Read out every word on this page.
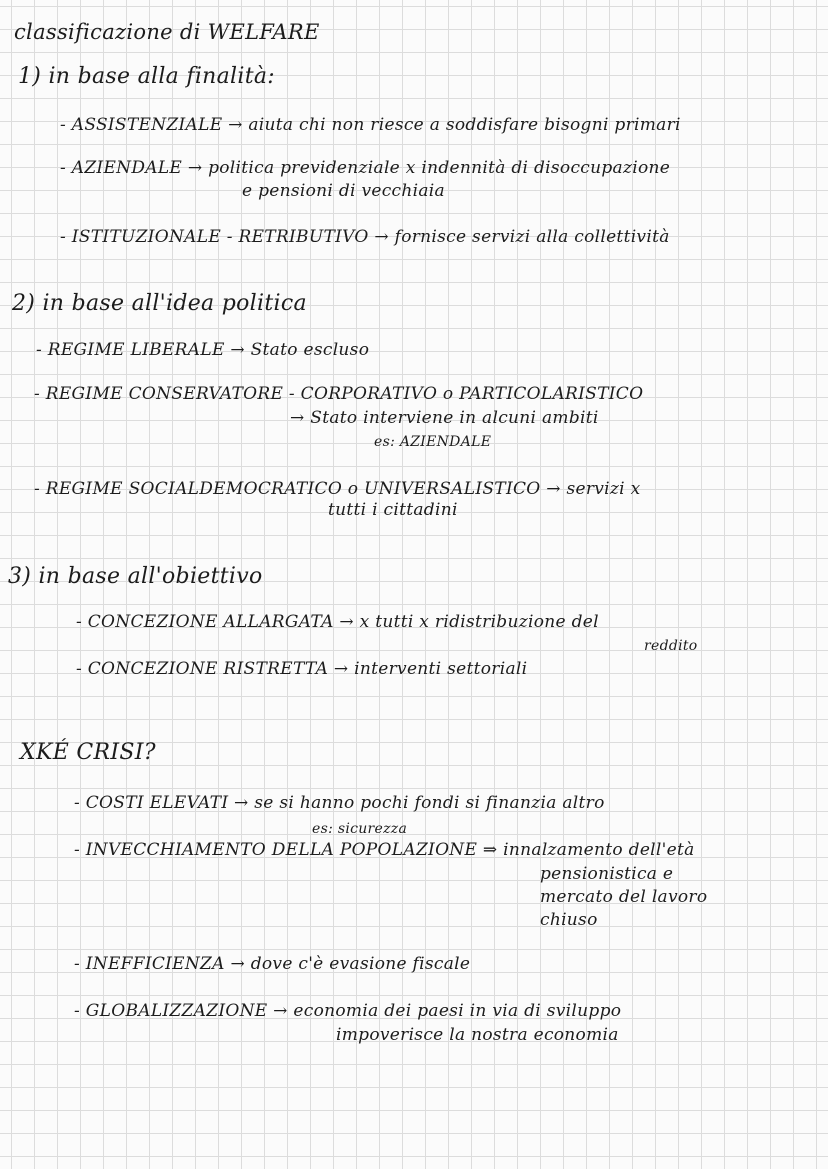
classificazione di WELFARE
1) in base alla finalità:
- ASSISTENZIALE → aiuta chi non riesce a soddisfare bisogni primari
- AZIENDALE → politica previdenziale x indennità di disoccupazione
e pensioni di vecchiaia
- ISTITUZIONALE - RETRIBUTIVO → fornisce servizi alla collettività
2) in base all'idea politica
- REGIME LIBERALE → Stato escluso
- REGIME CONSERVATORE - CORPORATIVO o PARTICOLARISTICO
→ Stato interviene in alcuni ambiti
es: AZIENDALE
- REGIME SOCIALDEMOCRATICO o UNIVERSALISTICO → servizi x
tutti i cittadini
3) in base all'obiettivo
- CONCEZIONE ALLARGATA → x tutti x ridistribuzione del
reddito
- CONCEZIONE RISTRETTA → interventi settoriali
XKÉ CRISI?
- COSTI ELEVATI → se si hanno pochi fondi si finanzia altro
es: sicurezza
- INVECCHIAMENTO DELLA POPOLAZIONE ⇒ innalzamento dell'età
pensionistica e
mercato del lavoro
chiuso
- INEFFICIENZA → dove c'è evasione fiscale
- GLOBALIZZAZIONE → economia dei paesi in via di sviluppo
impoverisce la nostra economia
